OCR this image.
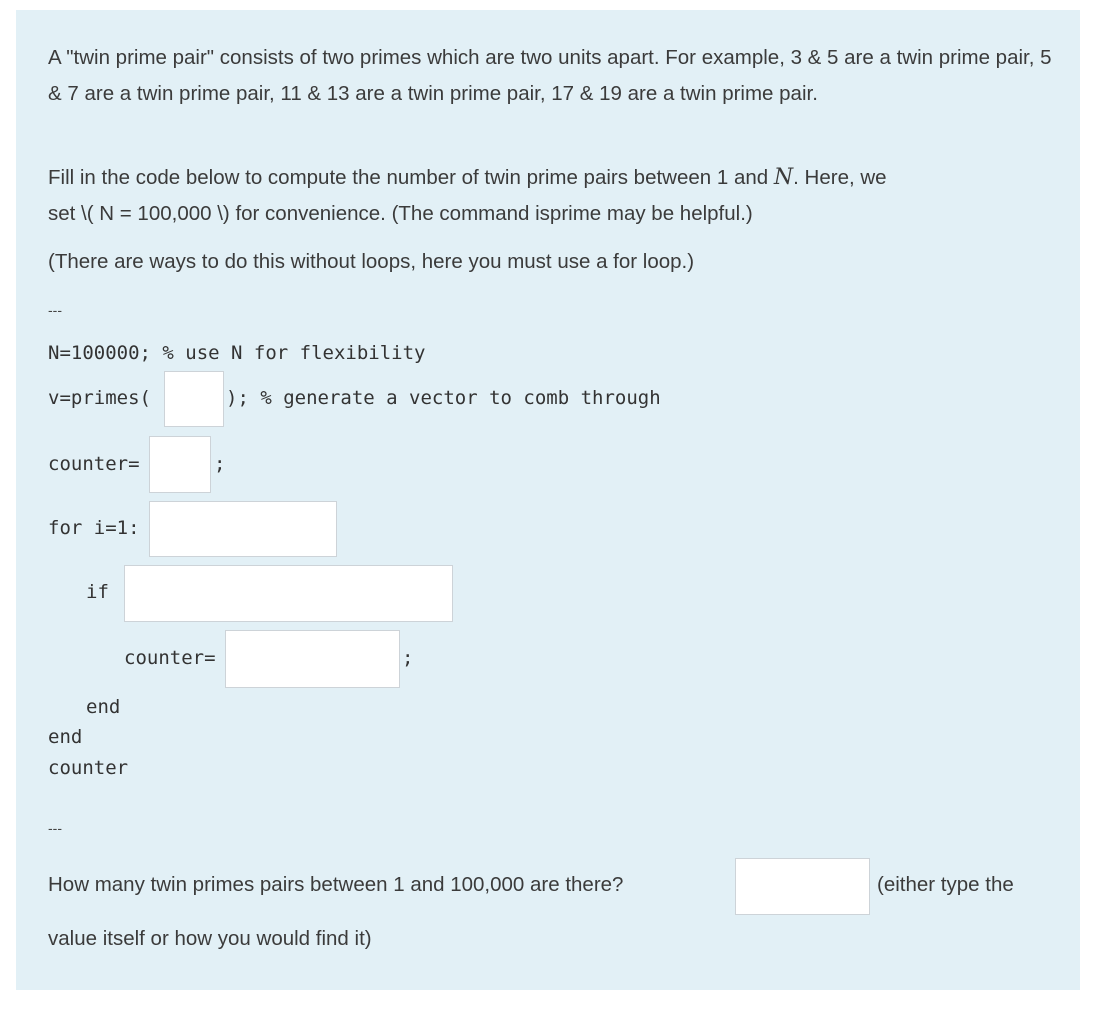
A "twin prime pair" consists of two primes which are two units apart. For example, 3 & 5 are a twin prime pair, 5 & 7 are a twin prime pair, 11 & 13 are a twin prime pair, 17 & 19 are a twin prime pair.

Fill in the code below to compute the number of twin prime pairs between 1 and N. Here, we
set \( N = 100,000 \) for convenience. (The command isprime may be helpful.)

(There are ways to do this without loops, here you must use a for loop.)

---
N=100000; % use N for flexibility
v=primes(	); % generate a vector to comb through
counter=	;
for i=1:
if
counter=	;
end
end
counter
---
How many twin primes pairs between 1 and 100,000 are there?	(either type the
value itself or how you would find it)
